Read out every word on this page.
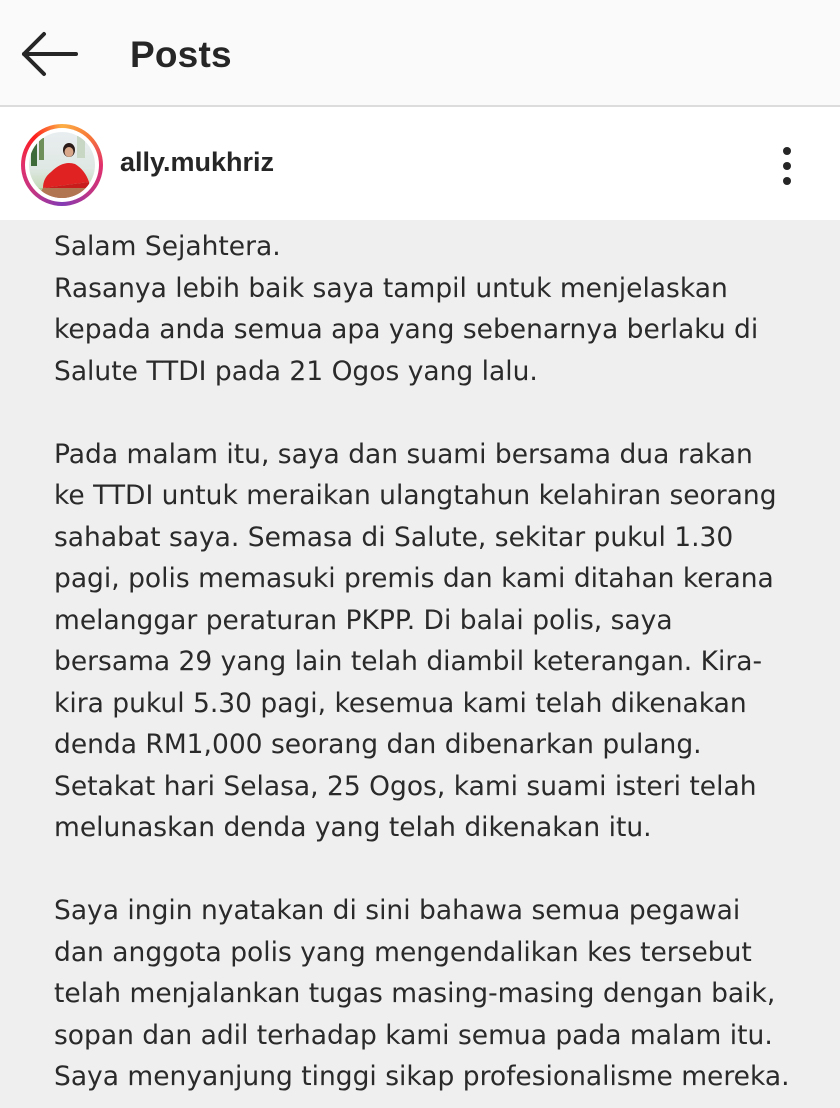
Posts
ally.mukhriz

Salam Sejahtera.

Rasanya lebih baik saya tampil untuk menjelaskan

kepada anda semua apa yang sebenarnya berlaku di

Salute TTDI pada 21 Ogos yang lalu.

Pada malam itu, saya dan suami bersama dua rakan

ke TTDI untuk meraikan ulangtahun kelahiran seorang

sahabat saya. Semasa di Salute, sekitar pukul 1.30

pagi, polis memasuki premis dan kami ditahan kerana

melanggar peraturan PKPP. Di balai polis, saya

bersama 29 yang lain telah diambil keterangan. Kira-

kira pukul 5.30 pagi, kesemua kami telah dikenakan

denda RM1,000 seorang dan dibenarkan pulang.

Setakat hari Selasa, 25 Ogos, kami suami isteri telah

melunaskan denda yang telah dikenakan itu.

Saya ingin nyatakan di sini bahawa semua pegawai

dan anggota polis yang mengendalikan kes tersebut

telah menjalankan tugas masing-masing dengan baik,

sopan dan adil terhadap kami semua pada malam itu.

Saya menyanjung tinggi sikap profesionalisme mereka.
